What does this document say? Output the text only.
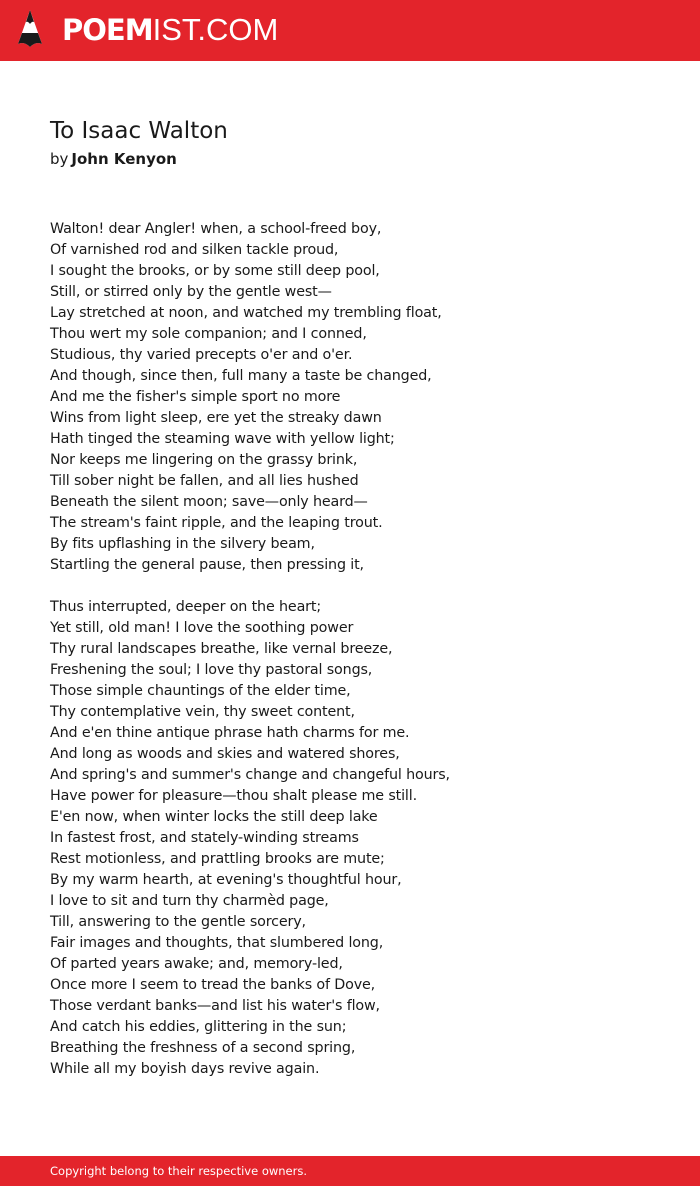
POEMIST.COM
To Isaac Walton
by John Kenyon
Walton! dear Angler! when, a school-freed boy,
Of varnished rod and silken tackle proud,
I sought the brooks, or by some still deep pool,
Still, or stirred only by the gentle west—
Lay stretched at noon, and watched my trembling float,
Thou wert my sole companion; and I conned,
Studious, thy varied precepts o'er and o'er.
And though, since then, full many a taste be changed,
And me the fisher's simple sport no more
Wins from light sleep, ere yet the streaky dawn
Hath tinged the steaming wave with yellow light;
Nor keeps me lingering on the grassy brink,
Till sober night be fallen, and all lies hushed
Beneath the silent moon; save—only heard—
The stream's faint ripple, and the leaping trout.
By fits upflashing in the silvery beam,
Startling the general pause, then pressing it,
Thus interrupted, deeper on the heart;
Yet still, old man! I love the soothing power
Thy rural landscapes breathe, like vernal breeze,
Freshening the soul; I love thy pastoral songs,
Those simple chauntings of the elder time,
Thy contemplative vein, thy sweet content,
And e'en thine antique phrase hath charms for me.
And long as woods and skies and watered shores,
And spring's and summer's change and changeful hours,
Have power for pleasure—thou shalt please me still.
E'en now, when winter locks the still deep lake
In fastest frost, and stately-winding streams
Rest motionless, and prattling brooks are mute;
By my warm hearth, at evening's thoughtful hour,
I love to sit and turn thy charmèd page,
Till, answering to the gentle sorcery,
Fair images and thoughts, that slumbered long,
Of parted years awake; and, memory-led,
Once more I seem to tread the banks of Dove,
Those verdant banks—and list his water's flow,
And catch his eddies, glittering in the sun;
Breathing the freshness of a second spring,
While all my boyish days revive again.
Copyright belong to their respective owners.
